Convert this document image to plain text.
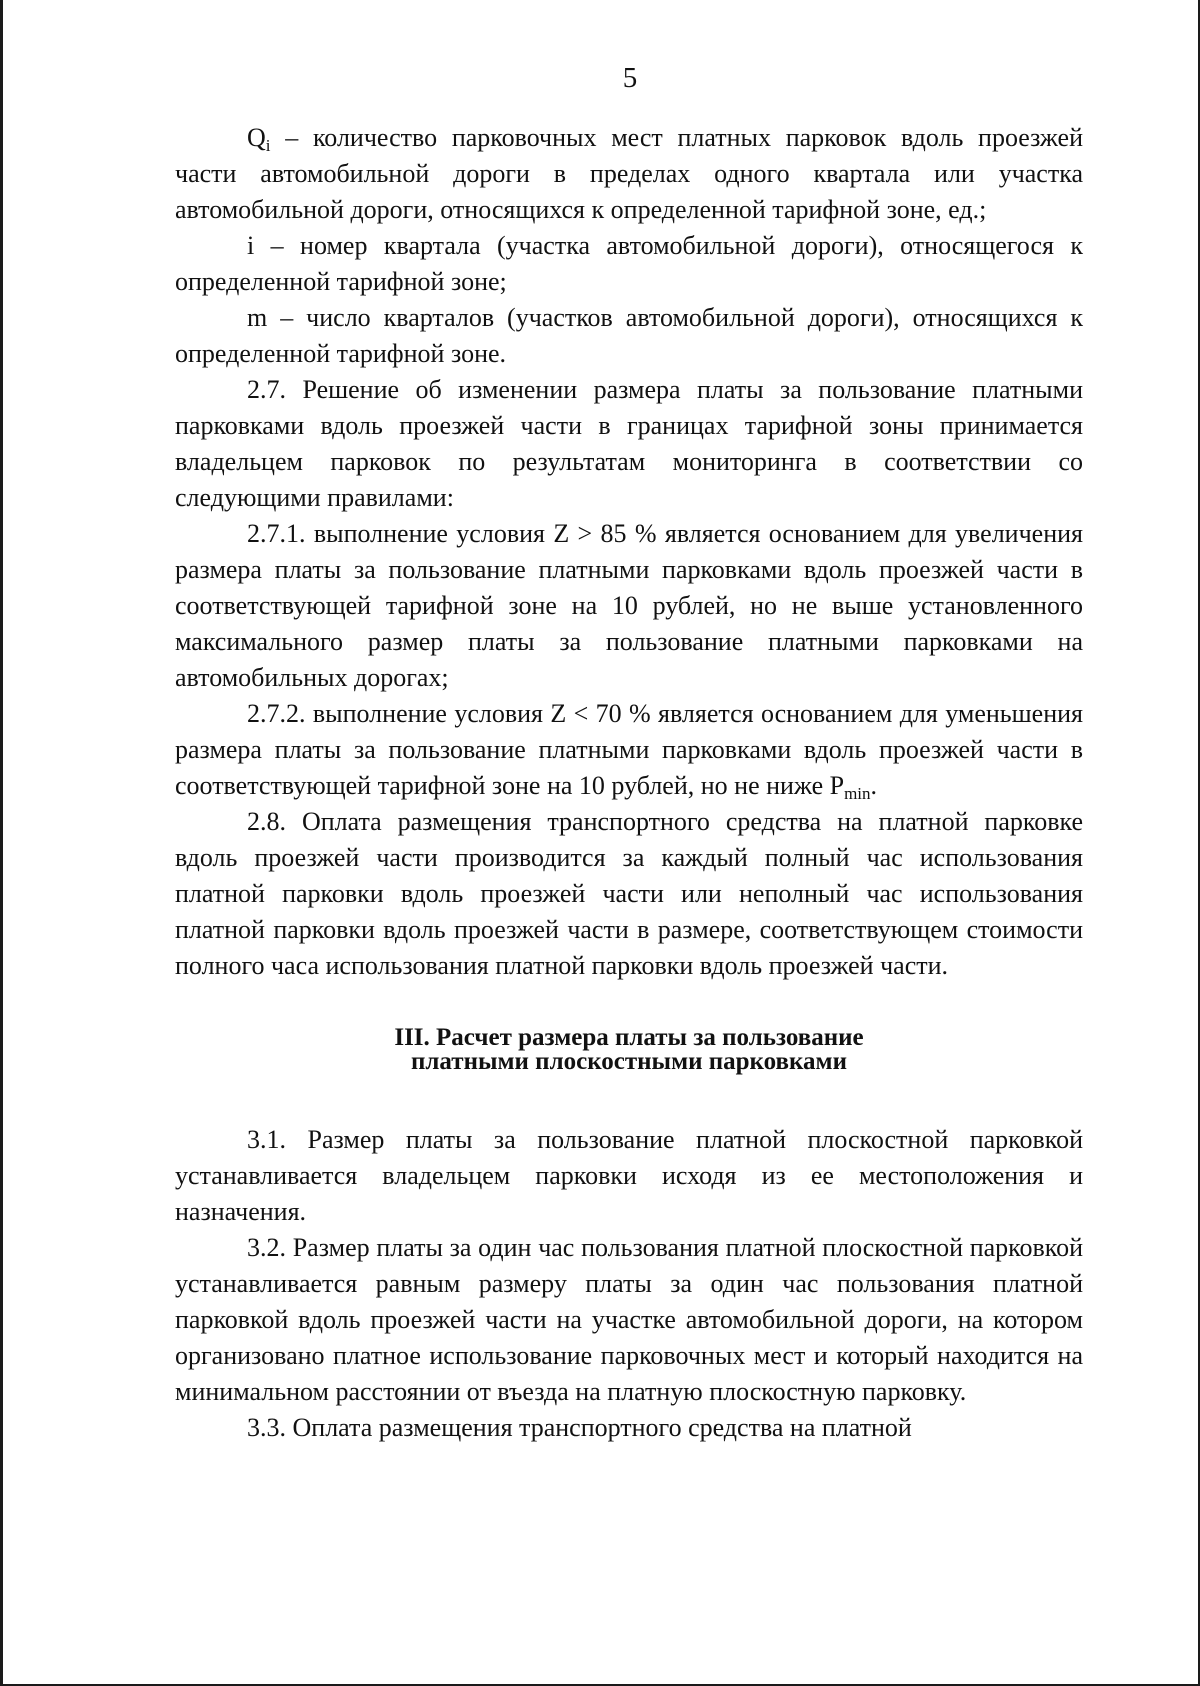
5

$Q_i$ – количество парковочных мест платных парковок вдоль проезжей части автомобильной дороги в пределах одного квартала или участка автомобильной дороги, относящихся к определенной тарифной зоне, ед.;

i – номер квартала (участка автомобильной дороги), относящегося к определенной тарифной зоне;

m – число кварталов (участков автомобильной дороги), относящихся к определенной тарифной зоне.

2.7. Решение об изменении размера платы за пользование платными парковками вдоль проезжей части в границах тарифной зоны принимается владельцем парковок по результатам мониторинга в соответствии со следующими правилами:

2.7.1. выполнение условия Z > 85 % является основанием для увеличения размера платы за пользование платными парковками вдоль проезжей части в соответствующей тарифной зоне на 10 рублей, но не выше установленного максимального размер платы за пользование платными парковками на автомобильных дорогах;

2.7.2. выполнение условия Z < 70 % является основанием для уменьшения размера платы за пользование платными парковками вдоль проезжей части в соответствующей тарифной зоне на 10 рублей, но не ниже $P_{min}$.

2.8. Оплата размещения транспортного средства на платной парковке вдоль проезжей части производится за каждый полный час использования платной парковки вдоль проезжей части или неполный час использования платной парковки вдоль проезжей части в размере, соответствующем стоимости полного часа использования платной парковки вдоль проезжей части.

III. Расчет размера платы за пользование
платными плоскостными парковками

3.1. Размер платы за пользование платной плоскостной парковкой устанавливается владельцем парковки исходя из ее местоположения и назначения.

3.2. Размер платы за один час пользования платной плоскостной парковкой устанавливается равным размеру платы за один час пользования платной парковкой вдоль проезжей части на участке автомобильной дороги, на котором организовано платное использование парковочных мест и который находится на минимальном расстоянии от въезда на платную плоскостную парковку.

3.3. Оплата размещения транспортного средства на платной
